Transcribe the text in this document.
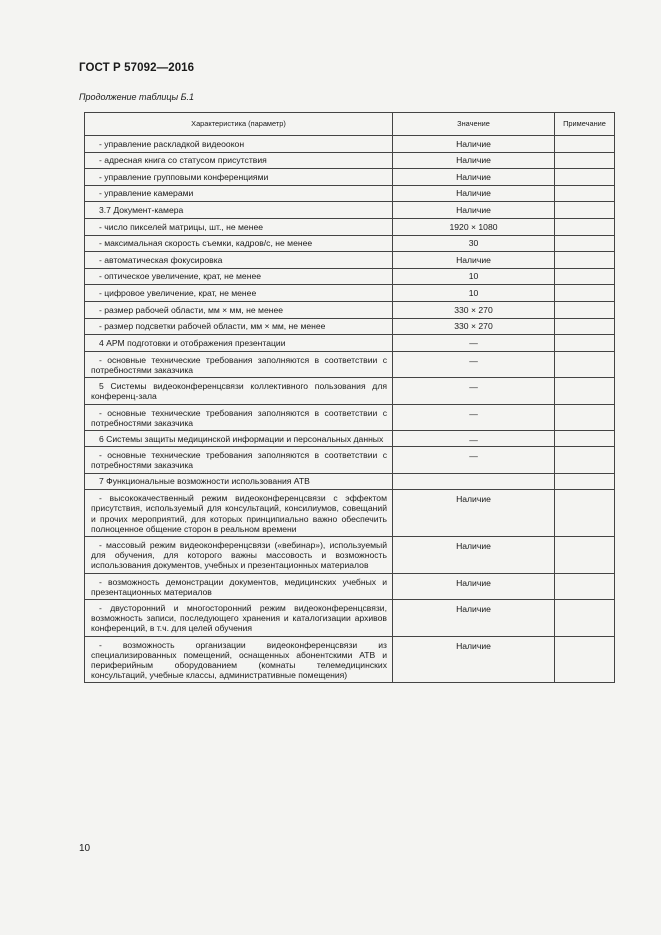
ГОСТ Р 57092—2016
Продолжение таблицы Б.1
Характеристика (параметр)	Значение	Примечание

- управление раскладкой видеоокон	Наличие	

- адресная книга со статусом присутствия	Наличие	

- управление групповыми конференциями	Наличие	

- управление камерами	Наличие	

3.7 Документ-камера	Наличие	

- число пикселей матрицы, шт., не менее	1920 × 1080	

- максимальная скорость съемки, кадров/с, не менее	30	

- автоматическая фокусировка	Наличие	

- оптическое увеличение, крат, не менее	10	

- цифровое увеличение, крат, не менее	10	

- размер рабочей области, мм × мм, не менее	330 × 270	

- размер подсветки рабочей области, мм × мм, не менее	330 × 270	

4 АРМ подготовки и отображения презентации	—	

- основные технические требования заполняются в соответствии с потребностями заказчика	—	

5 Системы видеоконференцсвязи коллективного пользования для конференц-зала	—	

- основные технические требования заполняются в соответствии с потребностями заказчика	—	

6 Системы защиты медицинской информации и персональных данных	—	

- основные технические требования заполняются в соответствии с потребностями заказчика	—	

7 Функциональные возможности использования АТВ		

- высококачественный режим видеоконференцсвязи с эффектом присутствия, используемый для консультаций, консилиумов, совещаний и прочих мероприятий, для которых принципиально важно обеспечить полноценное общение сторон в реальном времени	Наличие	

- массовый режим видеоконференцсвязи («вебинар»), используемый для обучения, для которого важны массовость и возможность использования документов, учебных и презентационных материалов	Наличие	

- возможность демонстрации документов, медицинских учебных и презентационных материалов	Наличие	

- двусторонний и многосторонний режим видеоконференцсвязи, возможность записи, последующего хранения и каталогизации архивов конференций, в т.ч. для целей обучения	Наличие	

- возможность организации видеоконференцсвязи из специализированных помещений, оснащенных абонентскими АТВ и периферийным оборудованием (комнаты телемедицинских консультаций, учебные классы, административные помещения)	Наличие	
10
